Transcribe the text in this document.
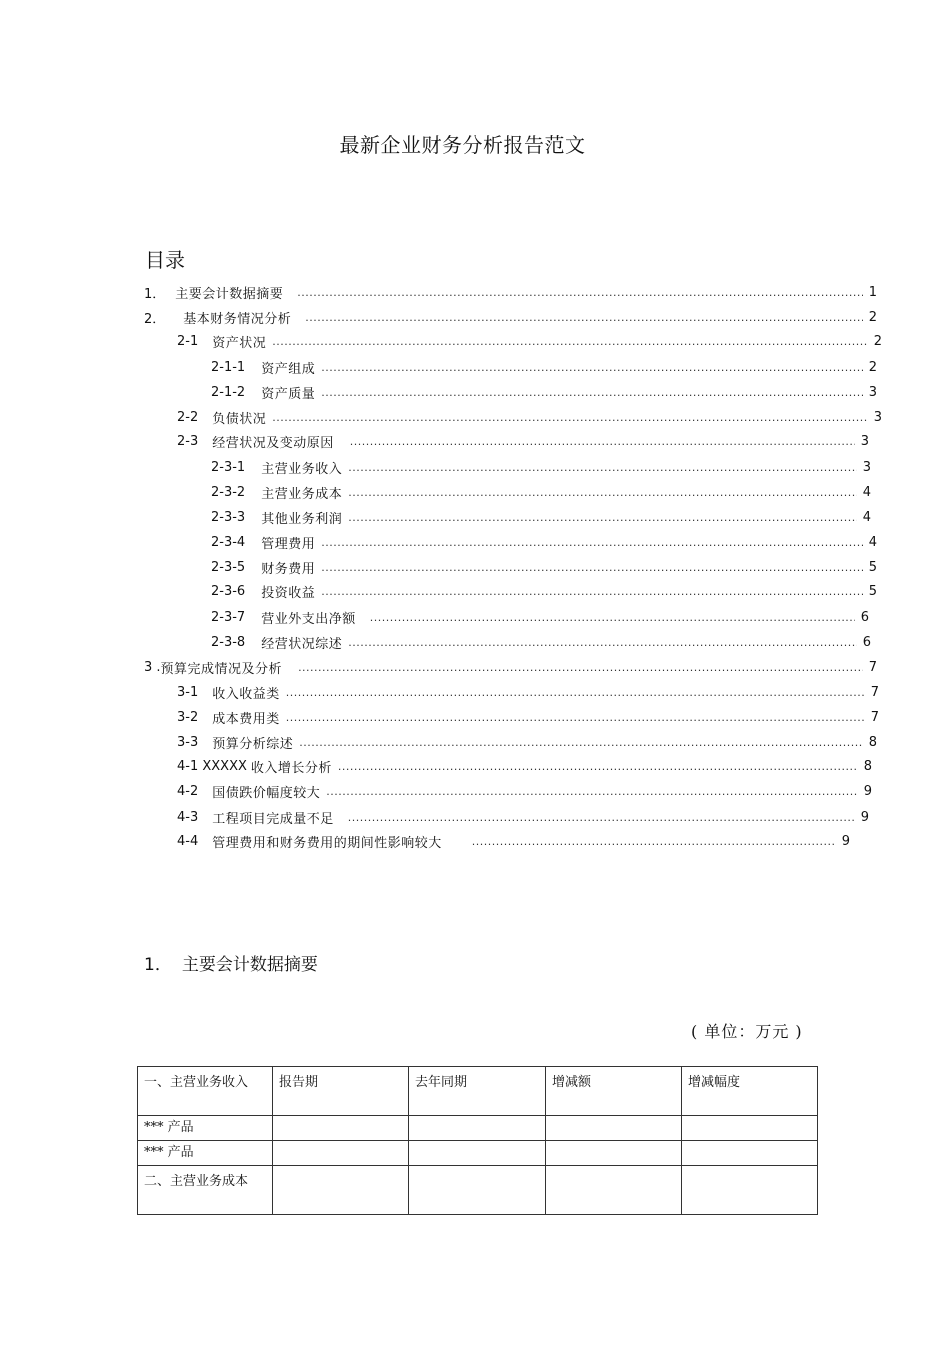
最新企业财务分析报告范文
目录
1． 主要会计数据摘要 .....	1
2． 基本财务情况分析 .....	2
2-1 资产状况 .....	2
2-1-1 资产组成 .....	2
2-1-2 资产质量 .....	3
2-2 负债状况 .....	3
2-3 经营状况及变动原因 .....	3
2-3-1 主营业务收入 .....	3
2-3-2 主营业务成本 .....	4
2-3-3 其他业务利润 .....	4
2-3-4 管理费用 .....	4
2-3-5 财务费用 .....	5
2-3-6 投资收益 .....	5
2-3-7 营业外支出净额 .....	6
2-3-8 经营状况综述 .....	6
3 . 预算完成情况及分析 .....	7
3-1 收入收益类 .....	7
3-2 成本费用类 .....	7
3-3 预算分析综述 .....	8
4-1 XXXXX 收入增长分析 .....	8
4-2 国债跌价幅度较大 .....	9
4-3 工程项目完成量不足 .....	9
4-4 管理费用和财务费用的期间性影响较大 .....	9
1． 主要会计数据摘要
( 单位：万元 )
一、主营业务收入	报告期	去年同期	增减额	增减幅度
*** 产品				
*** 产品				
二、主营业务成本				
